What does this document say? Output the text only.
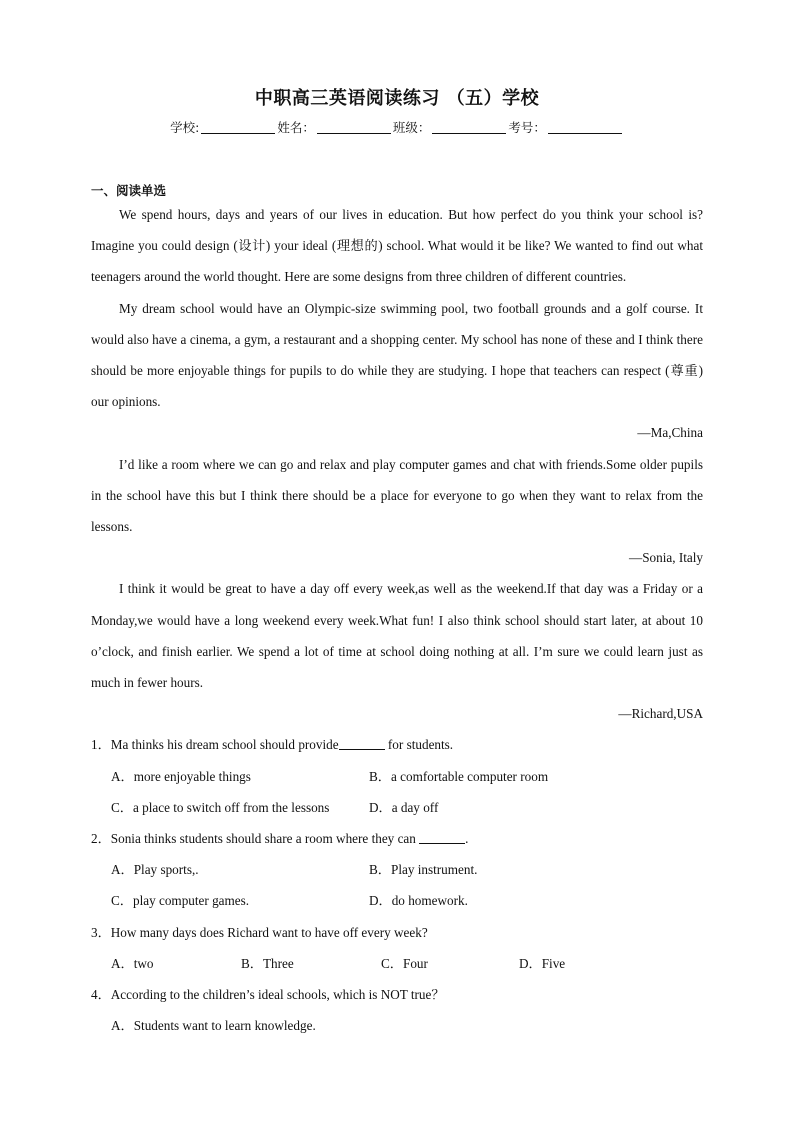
中职高三英语阅读练习 （五）学校
学校:	姓名：	班级：	考号：
一、阅读单选
We spend hours, days and years of our lives in education. But how perfect do you think your school is? Imagine you could design (设计) your ideal (理想的) school. What would it be like? We wanted to find out what teenagers around the world thought. Here are some designs from three children of different countries.
My dream school would have an Olympic-size swimming pool, two football grounds and a golf course. It would also have a cinema, a gym, a restaurant and a shopping center. My school has none of these and I think there should be more enjoyable things for pupils to do while they are studying. I hope that teachers can respect (尊重) our opinions.
—Ma,China
I’d like a room where we can go and relax and play computer games and chat with friends.Some older pupils in the school have this but I think there should be a place for everyone to go when they want to relax from the lessons.
—Sonia, Italy
I think it would be great to have a day off every week,as well as the weekend.If that day was a Friday or a Monday,we would have a long weekend every week.What fun! I also think school should start later, at about 10 o’clock, and finish earlier. We spend a lot of time at school doing nothing at all. I’m sure we could learn just as much in fewer hours.
—Richard,USA
1．Ma thinks his dream school should provide	for students.
A．more enjoyable things	B．a comfortable computer room
C．a place to switch off from the lessons	D．a day off
2．Sonia thinks students should share a room where they can	.
A．Play sports,.	B．Play instrument.
C．play computer games.	D．do homework.
3．How many days does Richard want to have off every week?
A．two	B．Three	C．Four	D．Five
4．According to the children’s ideal schools, which is NOT true？
A．Students want to learn knowledge.
